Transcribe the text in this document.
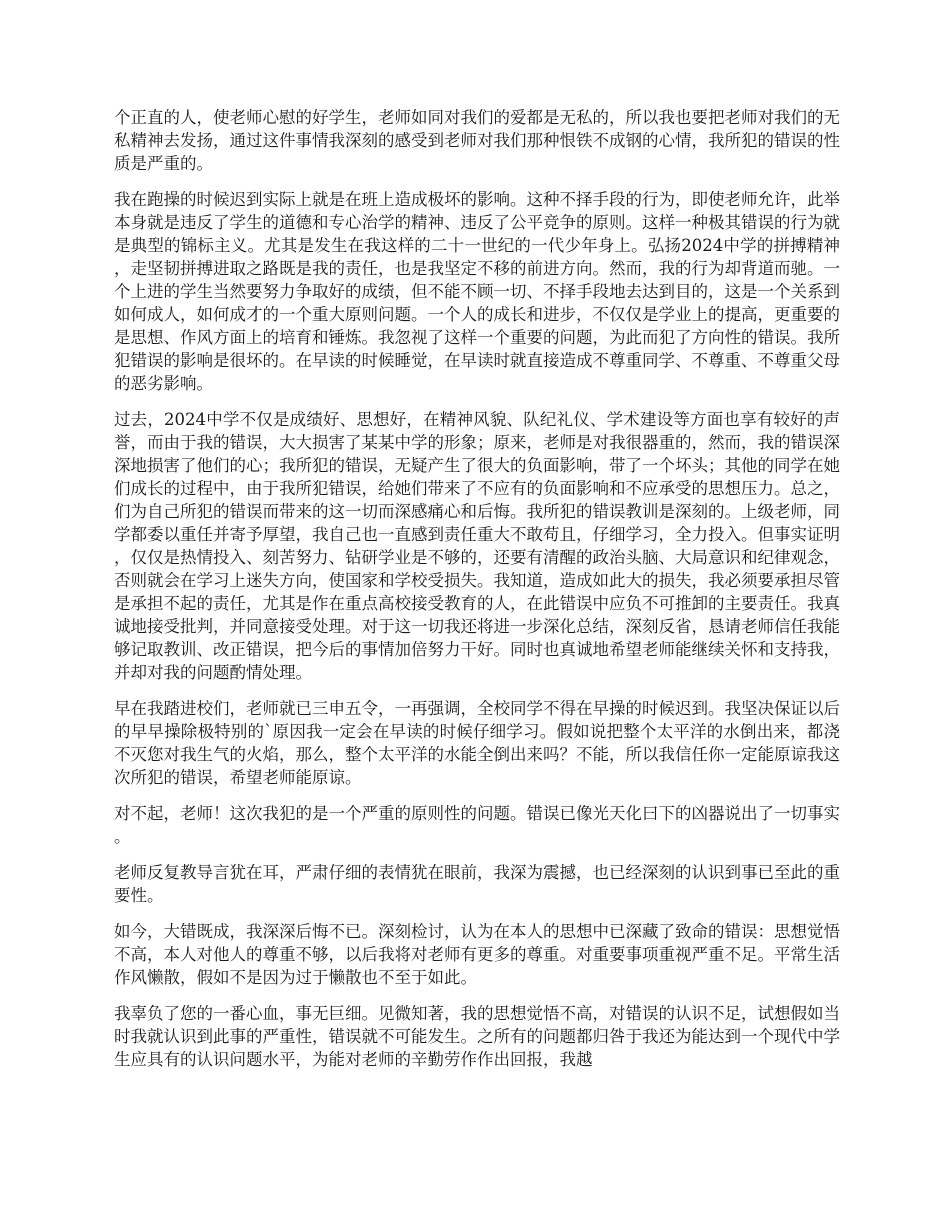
个正直的人，使老师心慰的好学生，老师如同对我们的爱都是无私的，所以我也要把老师对我们的无私精神去发扬，通过这件事情我深刻的感受到老师对我们那种恨铁不成钢的心情，我所犯的错误的性质是严重的。

我在跑操的时候迟到实际上就是在班上造成极坏的影响。这种不择手段的行为，即使老师允许，此举本身就是违反了学生的道德和专心治学的精神、违反了公平竞争的原则。这样一种极其错误的行为就是典型的锦标主义。尤其是发生在我这样的二十一世纪的一代少年身上。弘扬2024中学的拼搏精神，走坚韧拼搏进取之路既是我的责任，也是我坚定不移的前进方向。然而，我的行为却背道而驰。一个上进的学生当然要努力争取好的成绩，但不能不顾一切、不择手段地去达到目的，这是一个关系到如何成人，如何成才的一个重大原则问题。一个人的成长和进步，不仅仅是学业上的提高，更重要的是思想、作风方面上的培育和锤炼。我忽视了这样一个重要的问题，为此而犯了方向性的错误。我所犯错误的影响是很坏的。在早读的时候睡觉，在早读时就直接造成不尊重同学、不尊重、不尊重父母的恶劣影响。

过去，2024中学不仅是成绩好、思想好，在精神风貌、队纪礼仪、学术建设等方面也享有较好的声誉，而由于我的错误，大大损害了某某中学的形象；原来，老师是对我很器重的，然而，我的错误深深地损害了他们的心；我所犯的错误，无疑产生了很大的负面影响，带了一个坏头；其他的同学在她们成长的过程中，由于我所犯错误，给她们带来了不应有的负面影响和不应承受的思想压力。总之，们为自己所犯的错误而带来的这一切而深感痛心和后悔。我所犯的错误教训是深刻的。上级老师，同学都委以重任并寄予厚望，我自己也一直感到责任重大不敢苟且，仔细学习，全力投入。但事实证明，仅仅是热情投入、刻苦努力、钻研学业是不够的，还要有清醒的政治头脑、大局意识和纪律观念，否则就会在学习上迷失方向，使国家和学校受损失。我知道，造成如此大的损失，我必须要承担尽管是承担不起的责任，尤其是作在重点高校接受教育的人，在此错误中应负不可推卸的主要责任。我真诚地接受批判，并同意接受处理。对于这一切我还将进一步深化总结，深刻反省，恳请老师信任我能够记取教训、改正错误，把今后的事情加倍努力干好。同时也真诚地希望老师能继续关怀和支持我，并却对我的问题酌情处理。

早在我踏进校们，老师就已三申五令，一再强调，全校同学不得在早操的时候迟到。我坚决保证以后的早早操除极特别的`原因我一定会在早读的时候仔细学习。假如说把整个太平洋的水倒出来，都浇不灭您对我生气的火焰，那么，整个太平洋的水能全倒出来吗？不能，所以我信任你一定能原谅我这次所犯的错误，希望老师能原谅。

对不起，老师！这次我犯的是一个严重的原则性的问题。错误已像光天化曰下的凶器说出了一切事实。

老师反复教导言犹在耳，严肃仔细的表情犹在眼前，我深为震撼，也已经深刻的认识到事已至此的重要性。

如今，大错既成，我深深后悔不已。深刻检讨，认为在本人的思想中已深藏了致命的错误：思想觉悟不高，本人对他人的尊重不够，以后我将对老师有更多的尊重。对重要事项重视严重不足。平常生活作风懒散，假如不是因为过于懒散也不至于如此。

我辜负了您的一番心血，事无巨细。见微知著，我的思想觉悟不高，对错误的认识不足，试想假如当时我就认识到此事的严重性，错误就不可能发生。之所有的问题都归咎于我还为能达到一个现代中学生应具有的认识问题水平，为能对老师的辛勤劳作作出回报，我越
